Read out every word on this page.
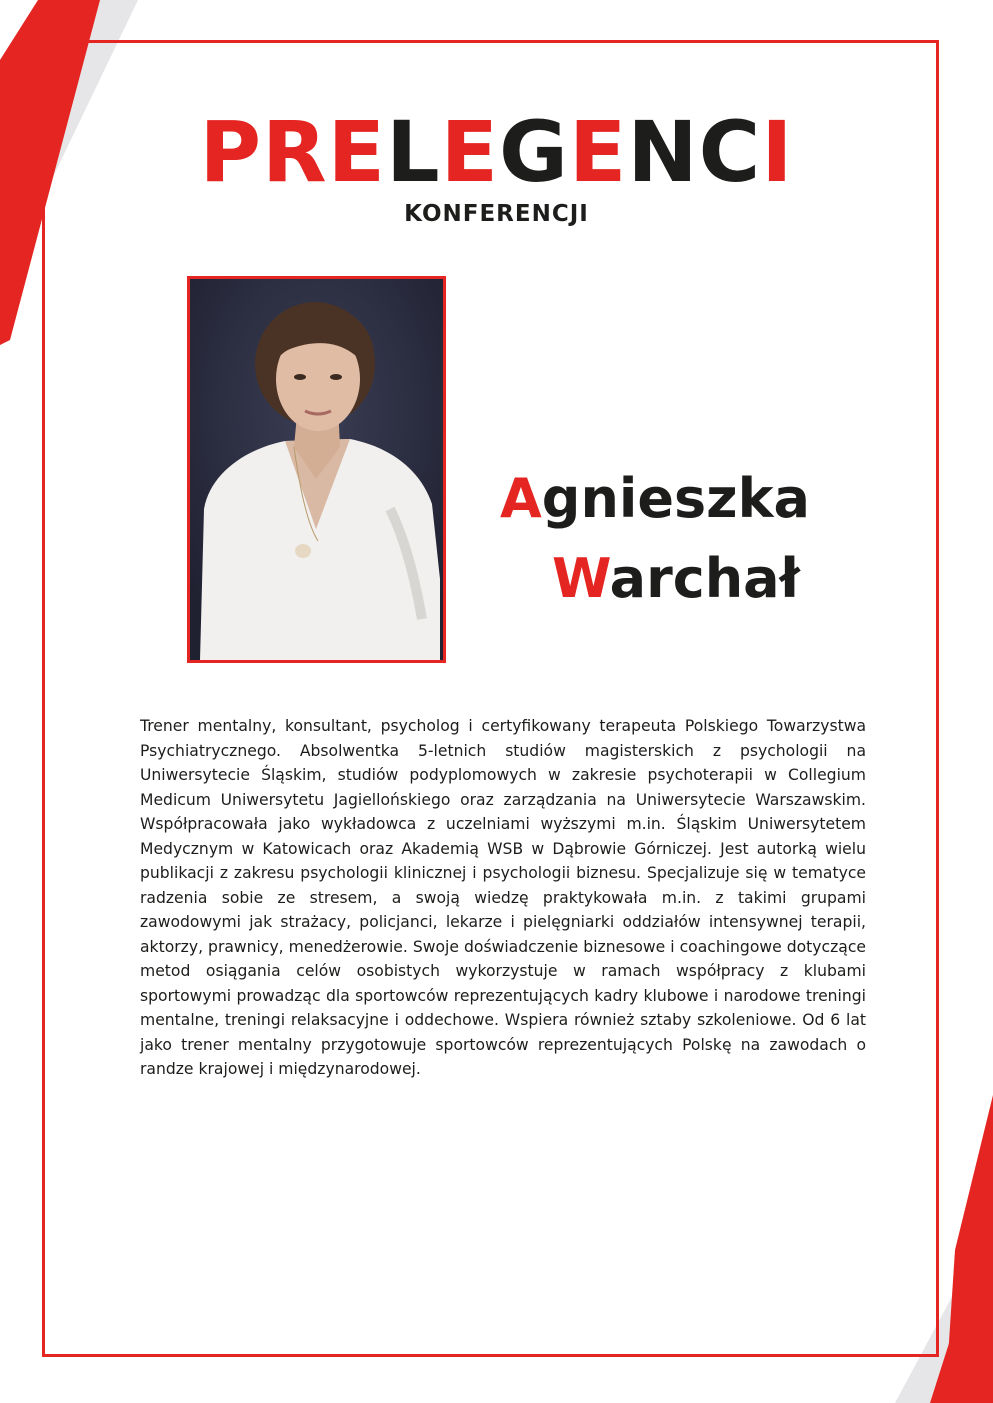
PRELEGENCI
KONFERENCJI
Agnieszka
Warchał

Trener mentalny, konsultant, psycholog i certyfikowany terapeuta Polskiego Towarzystwa Psychiatrycznego. Absolwentka 5-letnich studiów magisterskich z psychologii na Uniwersytecie Śląskim, studiów podyplomowych w zakresie psychoterapii w Collegium Medicum Uniwersytetu Jagiellońskiego oraz zarządzania na Uniwersytecie Warszawskim. Współpracowała jako wykładowca z uczelniami wyższymi m.in. Śląskim Uniwersytetem Medycznym w Katowicach oraz Akademią WSB w Dąbrowie Górniczej. Jest autorką wielu publikacji z zakresu psychologii klinicznej i psychologii biznesu. Specjalizuje się w tematyce radzenia sobie ze stresem, a swoją wiedzę praktykowała m.in. z takimi grupami zawodowymi jak strażacy, policjanci, lekarze i pielęgniarki oddziałów intensywnej terapii, aktorzy, prawnicy, menedżerowie. Swoje doświadczenie biznesowe i coachingowe dotyczące metod osiągania celów osobistych wykorzystuje w ramach współpracy z klubami sportowymi prowadząc dla sportowców reprezentujących kadry klubowe i narodowe treningi mentalne, treningi relaksacyjne i oddechowe. Wspiera również sztaby szkoleniowe. Od 6 lat jako trener mentalny przygotowuje sportowców reprezentujących Polskę na zawodach o randze krajowej i międzynarodowej.
